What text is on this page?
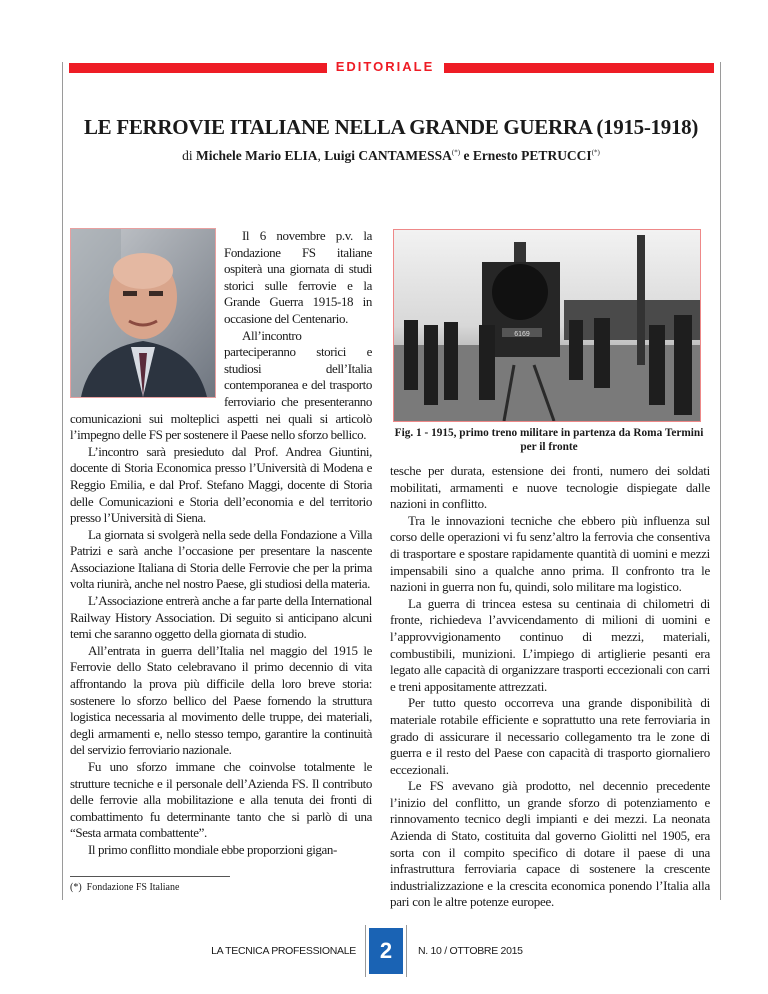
EDITORIALE
LE FERROVIE ITALIANE NELLA GRANDE GUERRA (1915-1918)
di Michele Mario ELIA, Luigi CANTAMESSA(*) e Ernesto PETRUCCI(*)

Il 6 novembre p.v. la Fondazione FS italiane ospiterà una giornata di studi storici sulle ferrovie e la Grande Guerra 1915-18 in occasione del Centenario.

All’incontro parteciperanno storici e studiosi dell’Italia contemporanea e del trasporto ferroviario che presenteranno comunicazioni sui molteplici aspetti nei quali si articolò l’impegno delle FS per sostenere il Paese nello sforzo bellico.

L’incontro sarà presieduto dal Prof. Andrea Giuntini, docente di Storia Economica presso l’Università di Modena e Reggio Emilia, e dal Prof. Stefano Maggi, docente di Storia delle Comunicazioni e Storia dell’economia e del territorio presso l’Università di Siena.

La giornata si svolgerà nella sede della Fondazione a Villa Patrizi e sarà anche l’occasione per presentare la nascente Associazione Italiana di Storia delle Ferrovie che per la prima volta riunirà, anche nel nostro Paese, gli studiosi della materia.

L’Associazione entrerà anche a far parte della International Railway History Association. Di seguito si anticipano alcuni temi che saranno oggetto della giornata di studio.

All’entrata in guerra dell’Italia nel maggio del 1915 le Ferrovie dello Stato celebravano il primo decennio di vita affrontando la prova più difficile della loro breve storia: sostenere lo sforzo bellico del Paese fornendo la struttura logistica necessaria al movimento delle truppe, dei materiali, degli armamenti e, nello stesso tempo, garantire la continuità del servizio ferroviario nazionale.

Fu uno sforzo immane che coinvolse totalmente le strutture tecniche e il personale dell’Azienda FS. Il contributo delle ferrovie alla mobilitazione e alla tenuta dei fronti di combattimento fu determinante tanto che si parlò di una “Sesta armata combattente”.

Il primo conflitto mondiale ebbe proporzioni gigan-

6169
Fig. 1 - 1915, primo treno militare in partenza da Roma Termini per il fronte

tesche per durata, estensione dei fronti, numero dei soldati mobilitati, armamenti e nuove tecnologie dispiegate dalle nazioni in conflitto.

Tra le innovazioni tecniche che ebbero più influenza sul corso delle operazioni vi fu senz’altro la ferrovia che consentiva di trasportare e spostare rapidamente quantità di uomini e mezzi impensabili sino a qualche anno prima. Il confronto tra le nazioni in guerra non fu, quindi, solo militare ma logistico.

La guerra di trincea estesa su centinaia di chilometri di fronte, richiedeva l’avvicendamento di milioni di uomini e l’approvvigionamento continuo di mezzi, materiali, combustibili, munizioni. L’impiego di artiglierie pesanti era legato alle capacità di organizzare trasporti eccezionali con carri e treni appositamente attrezzati.

Per tutto questo occorreva una grande disponibilità di materiale rotabile efficiente e soprattutto una rete ferroviaria in grado di assicurare il necessario collegamento tra le zone di guerra e il resto del Paese con capacità di trasporto giornaliero eccezionali.

Le FS avevano già prodotto, nel decennio precedente l’inizio del conflitto, un grande sforzo di potenziamento e rinnovamento tecnico degli impianti e dei mezzi. La neonata Azienda di Stato, costituita dal governo Giolitti nel 1905, era sorta con il compito specifico di dotare il paese di una infrastruttura ferroviaria capace di sostenere la crescente industrializzazione e la crescita economica ponendo l’Italia alla pari con le altre potenze europee.

(*)  Fondazione FS Italiane
LA TECNICA PROFESSIONALE	2	N. 10 / OTTOBRE 2015
